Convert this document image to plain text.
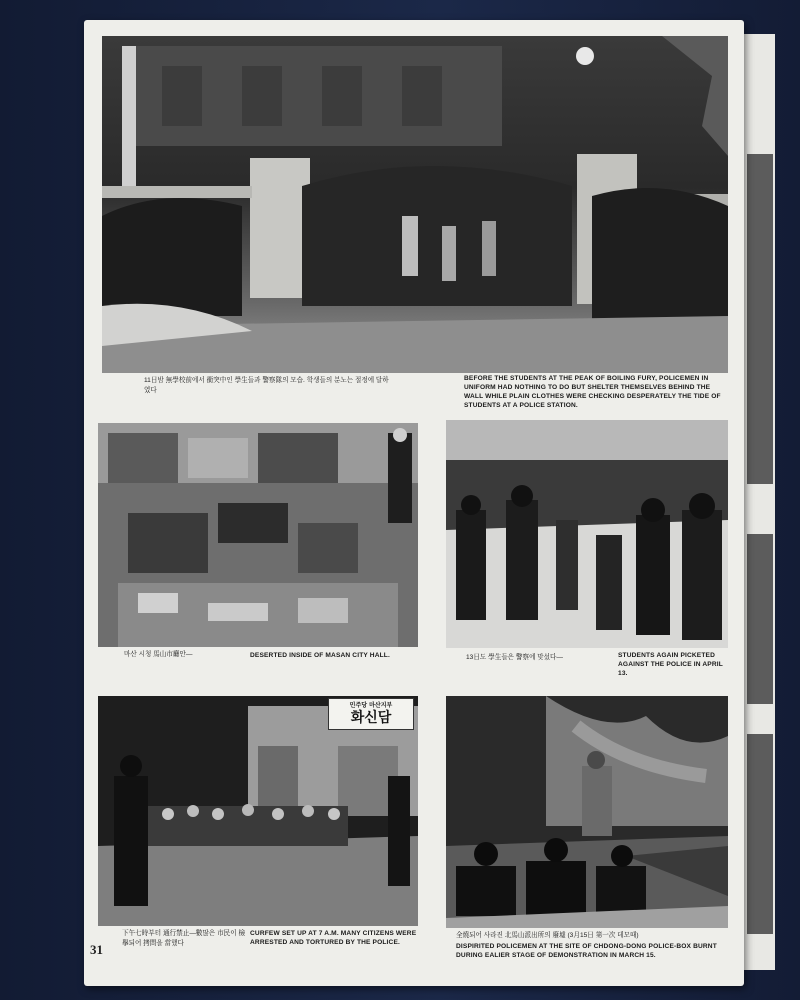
11日밤 無學校前에서 衝突中인 學生들과 警察隊의 모습. 학생들의 분노는 절정에 달하였다
BEFORE THE STUDENTS AT THE PEAK OF BOILING FURY, POLICEMEN IN UNIFORM HAD NOTHING TO DO BUT SHELTER THEMSELVES BEHIND THE WALL WHILE PLAIN CLOTHES WERE CHECKING DESPERATELY THE TIDE OF STUDENTS AT A POLICE STATION.
마산 시청 馬山市廳안—	DESERTED INSIDE OF MASAN CITY HALL.	13日도 學生들은 警察에 맞섰다—	STUDENTS AGAIN PICKETED AGAINST THE POLICE IN APRIL 13.
민주당 마산지부
화신담
下午七時부터 通行禁止—數많은 市民이 檢擧되어 拷問을 當했다
CURFEW SET UP AT 7 A.M. MANY CITIZENS WERE ARRESTED AND TORTURED BY THE POLICE.
全燒되어 사라진 北馬山派出所의 廢墟 (3月15日 第一次 데모때)
DISPIRITED POLICEMEN AT THE SITE OF CHDONG-DONG POLICE-BOX BURNT DURING EALIER STAGE OF DEMONSTRATION IN MARCH 15.
31
